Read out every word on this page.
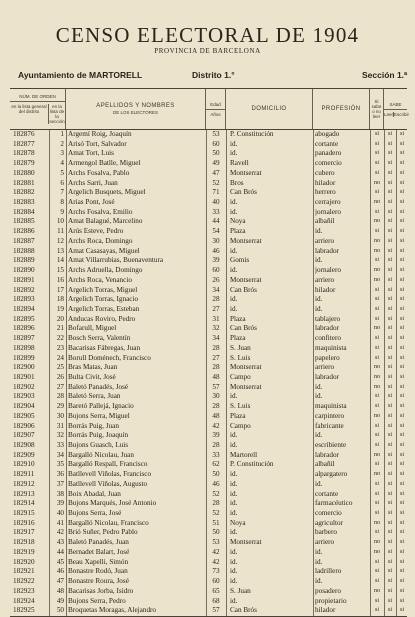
CENSO ELECTORAL DE 1904
PROVINCIA DE BARCELONA
Ayuntamiento de MARTORELL	Distrito 1.°	Sección 1.ª
NÚM. DE ORDEN
en la lista general del distrito
en la lista de la sección
APELLIDOS Y NOMBRES
DE LOS ELECTORES
Edad
Años
DOMICILIO	PROFESIÓN
Si sabe o no leer
SABE
Leer Escribir
182876	1 Argemí Roig, Joaquín	53	P. Constitución	abogado	si	si	si
182877	2 Arisó Tort, Salvador	60	id.	cortante	si	si	si
182878	3 Amat Tort, Luis	50	id.	panadero	si	si	si
182879	4 Armengol Batlle, Miguel	49	Ravell	comercio	si	si	si
182880	5 Archs Fosalva, Pablo	47	Montserrat	cubero	si	si	si
182881	6 Archs Sarri, Juan	52	Bros	hilador	no	si	si
182882	7 Argelich Busquets, Miguel	71	Can Brós	herrero	si	si	si
182883	8 Arias Pont, José	40	id.	cerrajero	no	si	si
182884	9 Archs Fosalva, Emilio	33	id.	jornalero	si	si	si
182885	10 Amat Balagué, Marcelino	44	Noya	albañil	no	si	si
182886	11 Arús Esteve, Pedro	54	Plaza	id.	si	si	si
182887	12 Archs Roca, Domingo	30	Montserrat	arriero	no	si	si
182888	13 Amat Casasayas, Miguel	46	id.	labrador	no	si	si
182889	14 Amat Villarrubias, Buenaventura	39	Gomis	id.	si	si	si
182890	15 Archs Adruella, Domingo	60	id.	jornalero	no	si	si
182891	16 Archs Roca, Venancio	26	Montserrat	arriero	no	si	si
182892	17 Argelich Torras, Miguel	34	Can Brós	hilador	si	si	si
182893	18 Argelich Torras, Ignacio	28	id.	id.	si	si	si
182894	19 Argelich Torras, Esteban	27	id.	id.	si	si	si
182895	20 Anducas Roviro, Pedro	31	Plaza	tablajero	si	si	si
182896	21 Bofarull, Miguel	32	Can Brós	labrador	no	si	si
182897	22 Bosch Serra, Valentín	34	Plaza	confitero	si	si	si
182898	23 Bacarisas Fábregas, Juan	28	S. Juan	maquinista	si	si	si
182899	24 Borull Doménech, Francisco	27	S. Luis	papelero	si	si	si
182900	25 Bras Matas, Juan	28	Montserrat	arriero	no	si	si
182901	26 Bulta Civit, José	48	Campo	labrador	no	si	si
182902	27 Baletó Panadés, José	57	Montserrat	id.	no	si	si
182903	28 Baletó Serra, Juan	30	id.	id.	si	si	si
182904	29 Baretó Pallejá, Ignacio	28	S. Luis	maquinista	si	si	si
182905	30 Bujons Serra, Miguel	48	Plaza	carpintero	no	si	si
182906	31 Borrás Puig, Juan	42	Campo	fabricante	si	si	si
182907	32 Borrás Puig, Joaquín	39	id.	id.	si	si	si
182908	33 Bujons Guasch, Luis	28	id.	escribiente	si	si	si
182909	34 Bargalló Nicolau, Juan	33	Martorell	labrador	no	si	si
182910	35 Bargalló Respall, Francisco	62	P. Constitución	albañil	si	si	si
182911	36 Batllevell Viñolas, Francisco	50	id.	alpargatero	no	si	si
182912	37 Batllevell Viñolas, Augusto	46	id.	id.	si	si	si
182913	38 Boix Abadal, Juan	52	id.	cortante	si	si	si
182914	39 Bujons Marqués, José Antonio	28	id.	farmacéutico	si	si	si
182915	40 Bujons Serra, José	52	id.	comercio	si	si	si
182916	41 Bargalló Nicolau, Francisco	51	Noya	agricultor	no	si	si
182917	42 Brió Suñer, Pedro Pablo	50	id.	barbero	si	si	si
182918	43 Baletó Panadés, Juan	53	Montserrat	arriero	no	si	si
182919	44 Bernadet Balart, José	42	id.	id.	no	si	si
182920	45 Beau Xapelli, Simón	42	id.	id.	si	si	si
182921	46 Bonastre Rodó, Juan	73	id.	ladrillero	si	si	si
182922	47 Bonastre Roura, José	60	id.	id.	si	si	si
182923	48 Bacarisas Jorba, Isidro	65	S. Juan	posadero	no	si	si
182924	49 Bujons Serra, Pedro	68	id.	propietario	si	si	si
182925	50 Broquetas Moragas, Alejandro	57	Can Brós	hilador	si	si	si
